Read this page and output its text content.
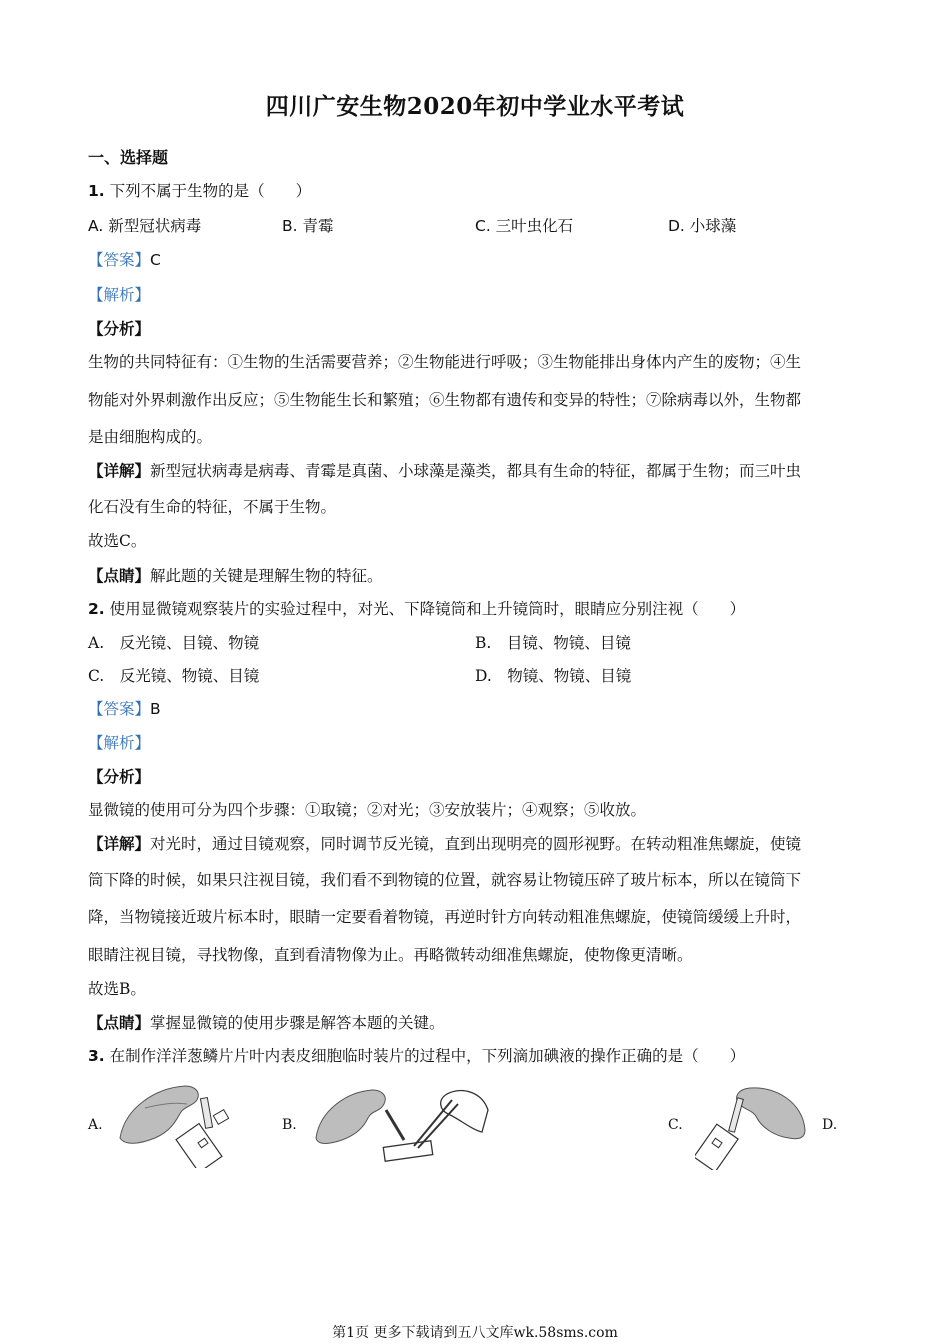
四川广安生物2020年初中学业水平考试
一、选择题
1. 下列不属于生物的是（　　）
A. 新型冠状病毒	B. 青霉	C. 三叶虫化石	D. 小球藻
【答案】C
【解析】
【分析】
生物的共同特征有：①生物的生活需要营养；②生物能进行呼吸；③生物能排出身体内产生的废物；④生
物能对外界刺激作出反应；⑤生物能生长和繁殖；⑥生物都有遗传和变异的特性；⑦除病毒以外，生物都
是由细胞构成的。
【详解】新型冠状病毒是病毒、青霉是真菌、小球藻是藻类，都具有生命的特征，都属于生物；而三叶虫
化石没有生命的特征，不属于生物。
故选C。
【点睛】解此题的关键是理解生物的特征。
2. 使用显微镜观察装片的实验过程中，对光、下降镜筒和上升镜筒时，眼睛应分别注视（　　）
A.　反光镜、目镜、物镜	B.　目镜、物镜、目镜
C.　反光镜、物镜、目镜	D.　物镜、物镜、目镜
【答案】B
【解析】
【分析】
显微镜的使用可分为四个步骤：①取镜；②对光；③安放装片；④观察；⑤收放。
【详解】对光时，通过目镜观察，同时调节反光镜，直到出现明亮的圆形视野。在转动粗准焦螺旋，使镜
筒下降的时候，如果只注视目镜，我们看不到物镜的位置，就容易让物镜压碎了玻片标本，所以在镜筒下
降，当物镜接近玻片标本时，眼睛一定要看着物镜，再逆时针方向转动粗准焦螺旋，使镜筒缓缓上升时，
眼睛注视目镜，寻找物像，直到看清物像为止。再略微转动细准焦螺旋，使物像更清晰。
故选B。
【点睛】掌握显微镜的使用步骤是解答本题的关键。
3. 在制作洋洋葱鳞片片叶内表皮细胞临时装片的过程中，下列滴加碘液的操作正确的是（　　）
A.	B.	C.	D.
第1页 更多下载请到五八文库wk.58sms.com
